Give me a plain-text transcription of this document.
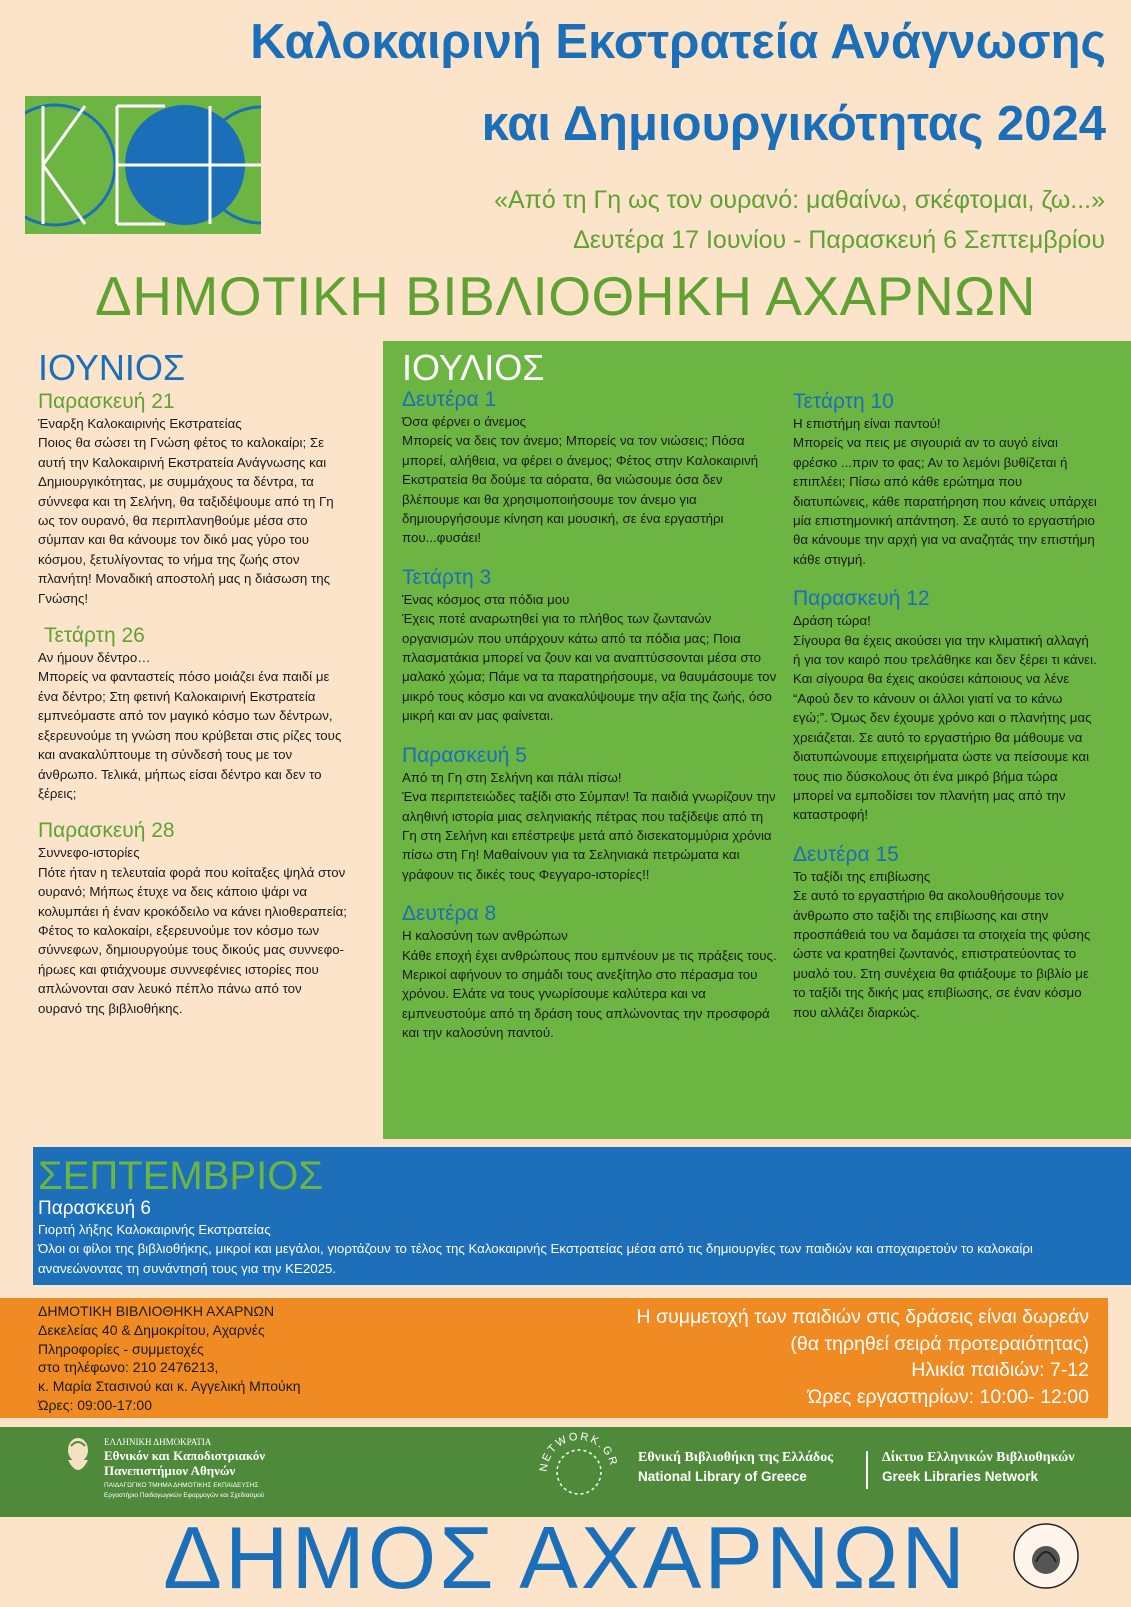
Καλοκαιρινή Εκστρατεία Ανάγνωσης
και Δημιουργικότητας 2024
«Από τη Γη ως τον ουρανό: μαθαίνω, σκέφτομαι, ζω...»
Δευτέρα 17 Ιουνίου - Παρασκευή 6 Σεπτεμβρίου
ΔΗΜΟΤΙΚΗ ΒΙΒΛΙΟΘΗΚΗ ΑΧΑΡΝΩΝ
ΙΟΥΝΙΟΣ
Παρασκευή 21

Έναρξη Καλοκαιρινής Εκστρατείας

Ποιος θα σώσει τη Γνώση φέτος το καλοκαίρι; Σε αυτή την Καλοκαιρινή Εκστρατεία Ανάγνωσης και Δημιουργικότητας, με συμμάχους τα δέντρα, τα σύννεφα και τη Σελήνη, θα ταξιδέψουμε από τη Γη ως τον ουρανό, θα περιπλανηθούμε μέσα στο σύμπαν και θα κάνουμε τον δικό μας γύρο του κόσμου, ξετυλίγοντας το νήμα της ζωής στον πλανήτη! Μοναδική αποστολή μας η διάσωση της Γνώσης!

Τετάρτη 26

Αν ήμουν δέντρο…

Μπορείς να φανταστείς πόσο μοιάζει ένα παιδί με ένα δέντρο; Στη φετινή Καλοκαιρινή Εκστρατεία εμπνεόμαστε από τον μαγικό κόσμο των δέντρων, εξερευνούμε τη γνώση που κρύβεται στις ρίζες τους και ανακαλύπτουμε τη σύνδεσή τους με τον άνθρωπο. Τελικά, μήπως είσαι δέντρο και δεν το ξέρεις;

Παρασκευή 28

Συννεφο-ιστορίες

Πότε ήταν η τελευταία φορά που κοίταξες ψηλά στον ουρανό; Μήπως έτυχε να δεις κάποιο ψάρι να κολυμπάει ή έναν κροκόδειλο να κάνει ηλιοθεραπεία; Φέτος το καλοκαίρι, εξερευνούμε τον κόσμο των σύννεφων, δημιουργούμε τους δικούς μας συννεφο-ήρωες και φτιάχνουμε συννεφένιες ιστορίες που απλώνονται σαν λευκό πέπλο πάνω από τον ουρανό της βιβλιοθήκης.

ΙΟΥΛΙΟΣ
Δευτέρα 1

Όσα φέρνει ο άνεμος

Μπορείς να δεις τον άνεμο; Μπορείς να τον νιώσεις; Πόσα μπορεί, αλήθεια, να φέρει ο άνεμος; Φέτος στην Καλοκαιρινή Εκστρατεία θα δούμε τα αόρατα, θα νιώσουμε όσα δεν βλέπουμε και θα χρησιμοποιήσουμε τον άνεμο για δημιουργήσουμε κίνηση και μουσική, σε ένα εργαστήρι που...φυσάει!

Τετάρτη 3

Ένας κόσμος στα πόδια μου

Έχεις ποτέ αναρωτηθεί για το πλήθος των ζωντανών οργανισμών που υπάρχουν κάτω από τα πόδια μας; Ποια πλασματάκια μπορεί να ζουν και να αναπτύσσονται μέσα στο μαλακό χώμα; Πάμε να τα παρατηρήσουμε, να θαυμάσουμε τον μικρό τους κόσμο και να ανακαλύψουμε την αξία της ζωής, όσο μικρή και αν μας φαίνεται.

Παρασκευή 5

Από τη Γη στη Σελήνη και πάλι πίσω!

Ένα περιπετειώδες ταξίδι στο Σύμπαν! Τα παιδιά γνωρίζουν την αληθινή ιστορία μιας σεληνιακής πέτρας που ταξίδεψε από τη Γη στη Σελήνη και επέστρεψε μετά από δισεκατομμύρια χρόνια πίσω στη Γη! Μαθαίνουν για τα Σεληνιακά πετρώματα και γράφουν τις δικές τους Φεγγαρο-ιστορίες!!

Δευτέρα 8

Η καλοσύνη των ανθρώπων

Κάθε εποχή έχει ανθρώπους που εμπνέουν με τις πράξεις τους. Μερικοί αφήνουν το σημάδι τους ανεξίτηλο στο πέρασμα του χρόνου. Ελάτε να τους γνωρίσουμε καλύτερα και να εμπνευστούμε από τη δράση τους απλώνοντας την προσφορά και την καλοσύνη παντού.

Τετάρτη 10

Η επιστήμη είναι παντού!

Μπορείς να πεις με σιγουριά αν το αυγό είναι φρέσκο ...πριν το φας; Αν το λεμόνι βυθίζεται ή επιπλέει; Πίσω από κάθε ερώτημα που διατυπώνεις, κάθε παρατήρηση που κάνεις υπάρχει μία επιστημονική απάντηση. Σε αυτό το εργαστήριο θα κάνουμε την αρχή για να αναζητάς την επιστήμη κάθε στιγμή.

Παρασκευή 12

Δράση τώρα!

Σίγουρα θα έχεις ακούσει για την κλιματική αλλαγή ή για τον καιρό που τρελάθηκε και δεν ξέρει τι κάνει. Και σίγουρα θα έχεις ακούσει κάποιους να λένε “Αφού δεν το κάνουν οι άλλοι γιατί να το κάνω εγώ;”. Όμως δεν έχουμε χρόνο και ο πλανήτης μας χρειάζεται. Σε αυτό το εργαστήριο θα μάθουμε να διατυπώνουμε επιχειρήματα ώστε να πείσουμε και τους πιο δύσκολους ότι ένα μικρό βήμα τώρα μπορεί να εμποδίσει τον πλανήτη μας από την καταστροφή!

Δευτέρα 15

Το ταξίδι της επιβίωσης

Σε αυτό το εργαστήριο θα ακολουθήσουμε τον άνθρωπο στο ταξίδι της επιβίωσης και στην προσπάθειά του να δαμάσει τα στοιχεία της φύσης ώστε να κρατηθεί ζωντανός, επιστρατεύοντας το μυαλό του. Στη συνέχεια θα φτιάξουμε το βιβλίο με το ταξίδι της δικής μας επιβίωσης, σε έναν κόσμο που αλλάζει διαρκώς.

ΣΕΠΤΕΜΒΡΙΟΣ
Παρασκευή 6

Γιορτή λήξης Καλοκαιρινής Εκστρατείας

Όλοι οι φίλοι της βιβλιοθήκης, μικροί και μεγάλοι, γιορτάζουν το τέλος της Καλοκαιρινής Εκστρατείας μέσα από τις δημιουργίες των παιδιών και αποχαιρετούν το καλοκαίρι ανανεώνοντας τη συνάντησή τους για την ΚΕ2025.

ΔΗΜΟΤΙΚΗ ΒΙΒΛΙΟΘΗΚΗ ΑΧΑΡΝΩΝ
Δεκελείας 40 & Δημοκρίτου, Αχαρνές
Πληροφορίες - συμμετοχές
στο τηλέφωνο: 210 2476213,
κ. Μαρία Στασινού και κ. Αγγελική Μπούκη
Ώρες: 09:00-17:00
Η συμμετοχή των παιδιών στις δράσεις είναι δωρεάν
(θα τηρηθεί σειρά προτεραιότητας)
Ηλικία παιδιών: 7-12
Ώρες εργαστηρίων: 10:00- 12:00
ΕΛΛΗΝΙΚΗ ΔΗΜΟΚΡΑΤΙΑ
Εθνικόν και Καποδιστριακόν
Πανεπιστήμιον Αθηνών
ΠΑΙΔΑΓΩΓΙΚΟ ΤΜΗΜΑ ΔΗΜΟΤΙΚΗΣ ΕΚΠΑΙΔΕΥΣΗΣ
Εργαστήριο Παιδαγωγικών Εφαρμογών και Σχεδιασμού
NETWORK.GR Εθνική Βιβλιοθήκη της Ελλάδος
National Library of Greece
Δίκτυο Ελληνικών Βιβλιοθηκών
Greek Libraries Network
ΔΗΜΟΣ ΑΧΑΡΝΩΝ
